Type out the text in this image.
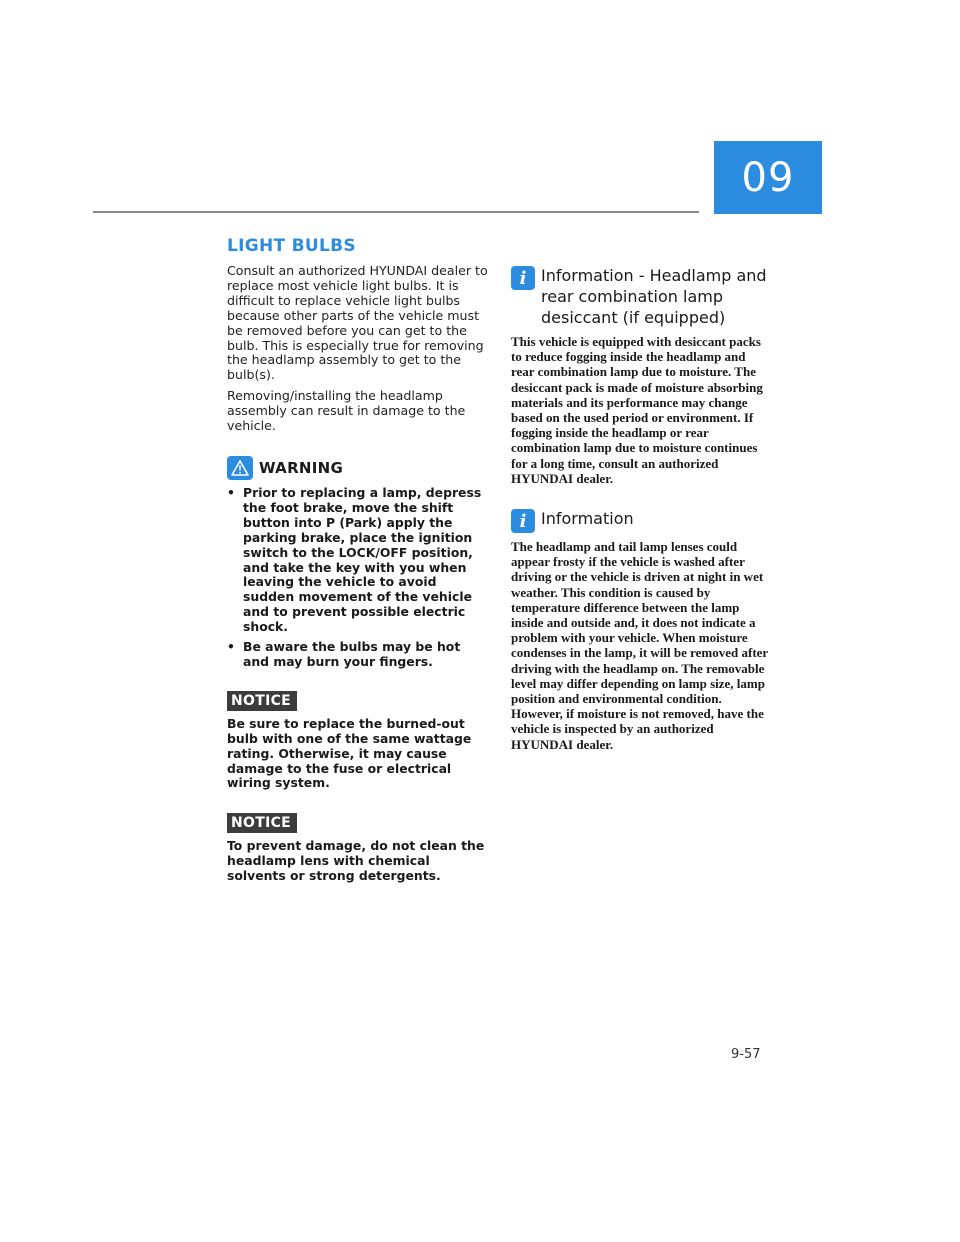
09
LIGHT BULBS

Consult an authorized HYUNDAI dealer to replace most vehicle light bulbs. It is difficult to replace vehicle light bulbs because other parts of the vehicle must be removed before you can get to the bulb. This is especially true for removing the headlamp assembly to get to the bulb(s).

Removing/installing the headlamp assembly can result in damage to the vehicle.

WARNING
• Prior to replacing a lamp, depress the foot brake, move the shift button into P (Park) apply the parking brake, place the ignition switch to the LOCK/OFF position, and take the key with you when leaving the vehicle to avoid sudden movement of the vehicle and to prevent possible electric shock.
• Be aware the bulbs may be hot and may burn your fingers.
NOTICE

Be sure to replace the burned-out bulb with one of the same wattage rating. Otherwise, it may cause damage to the fuse or electrical wiring system.

NOTICE

To prevent damage, do not clean the headlamp lens with chemical solvents or strong detergents.

i Information - Headlamp and rear combination lamp desiccant (if equipped)

This vehicle is equipped with desiccant packs to reduce fogging inside the headlamp and rear combination lamp due to moisture. The desiccant pack is made of moisture absorbing materials and its performance may change based on the used period or environment. If fogging inside the headlamp or rear combination lamp due to moisture continues for a long time, consult an authorized HYUNDAI dealer.

i Information

The headlamp and tail lamp lenses could appear frosty if the vehicle is washed after driving or the vehicle is driven at night in wet weather. This condition is caused by temperature difference between the lamp inside and outside and, it does not indicate a problem with your vehicle. When moisture condenses in the lamp, it will be removed after driving with the headlamp on. The removable level may differ depending on lamp size, lamp position and environmental condition. However, if moisture is not removed, have the vehicle is inspected by an authorized HYUNDAI dealer.

9-57
